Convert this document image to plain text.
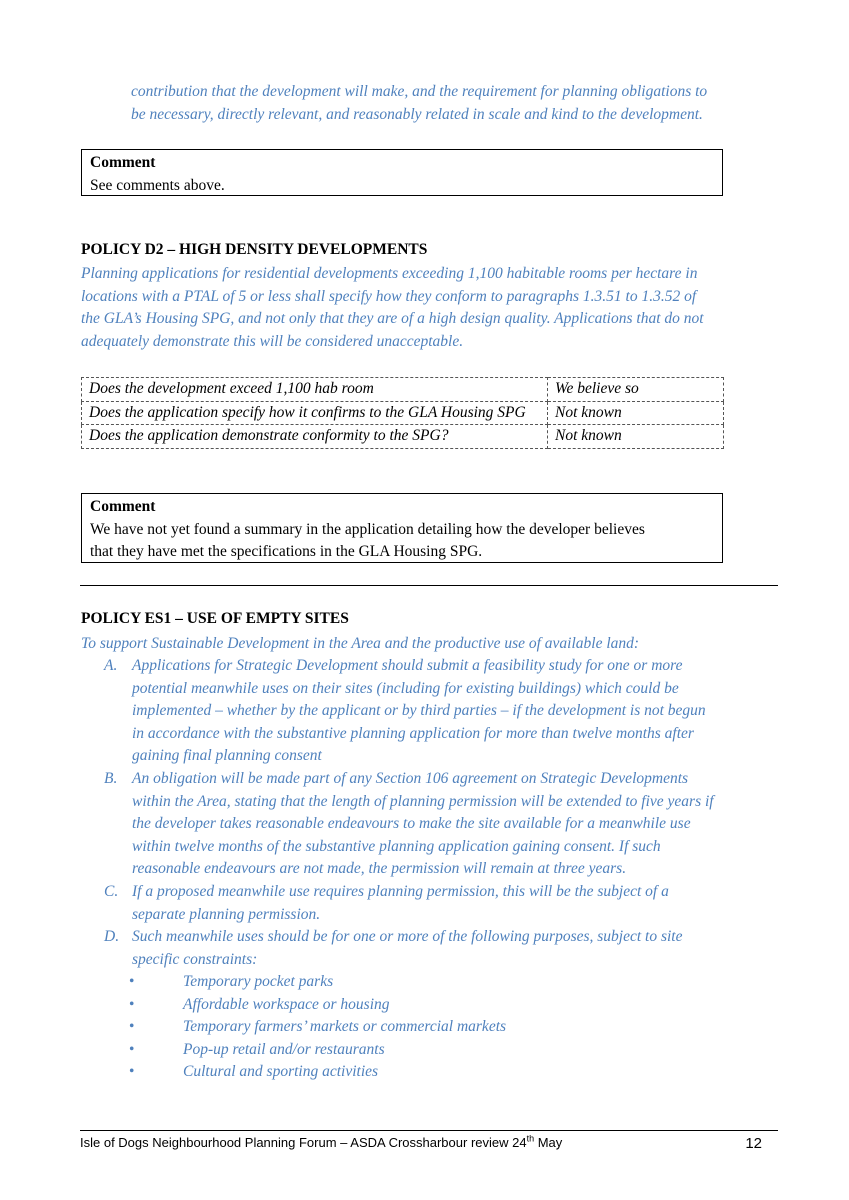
contribution that the development will make, and the requirement for planning obligations to
be necessary, directly relevant, and reasonably related in scale and kind to the development.
Comment
See comments above.
POLICY D2 – HIGH DENSITY DEVELOPMENTS
Planning applications for residential developments exceeding 1,100 habitable rooms per hectare in
locations with a PTAL of 5 or less shall specify how they conform to paragraphs 1.3.51 to 1.3.52 of
the GLA’s Housing SPG, and not only that they are of a high design quality. Applications that do not
adequately demonstrate this will be considered unacceptable.
Does the development exceed 1,100 hab room	We believe so
Does the application specify how it confirms to the GLA Housing SPG	Not known
Does the application demonstrate conformity to the SPG?	Not known
Comment
We have not yet found a summary in the application detailing how the developer believes
that they have met the specifications in the GLA Housing SPG.
POLICY ES1 – USE OF EMPTY SITES
To support Sustainable Development in the Area and the productive use of available land:
A. Applications for Strategic Development should submit a feasibility study for one or more
potential meanwhile uses on their sites (including for existing buildings) which could be
implemented – whether by the applicant or by third parties – if the development is not begun
in accordance with the substantive planning application for more than twelve months after
gaining final planning consent
B. An obligation will be made part of any Section 106 agreement on Strategic Developments
within the Area, stating that the length of planning permission will be extended to five years if
the developer takes reasonable endeavours to make the site available for a meanwhile use
within twelve months of the substantive planning application gaining consent. If such
reasonable endeavours are not made, the permission will remain at three years.
C. If a proposed meanwhile use requires planning permission, this will be the subject of a
separate planning permission.
D. Such meanwhile uses should be for one or more of the following purposes, subject to site
specific constraints:
•	Temporary pocket parks
•	Affordable workspace or housing
•	Temporary farmers’ markets or commercial markets
•	Pop-up retail and/or restaurants
•	Cultural and sporting activities
Isle of Dogs Neighbourhood Planning Forum – ASDA Crossharbour review 24th May	12
